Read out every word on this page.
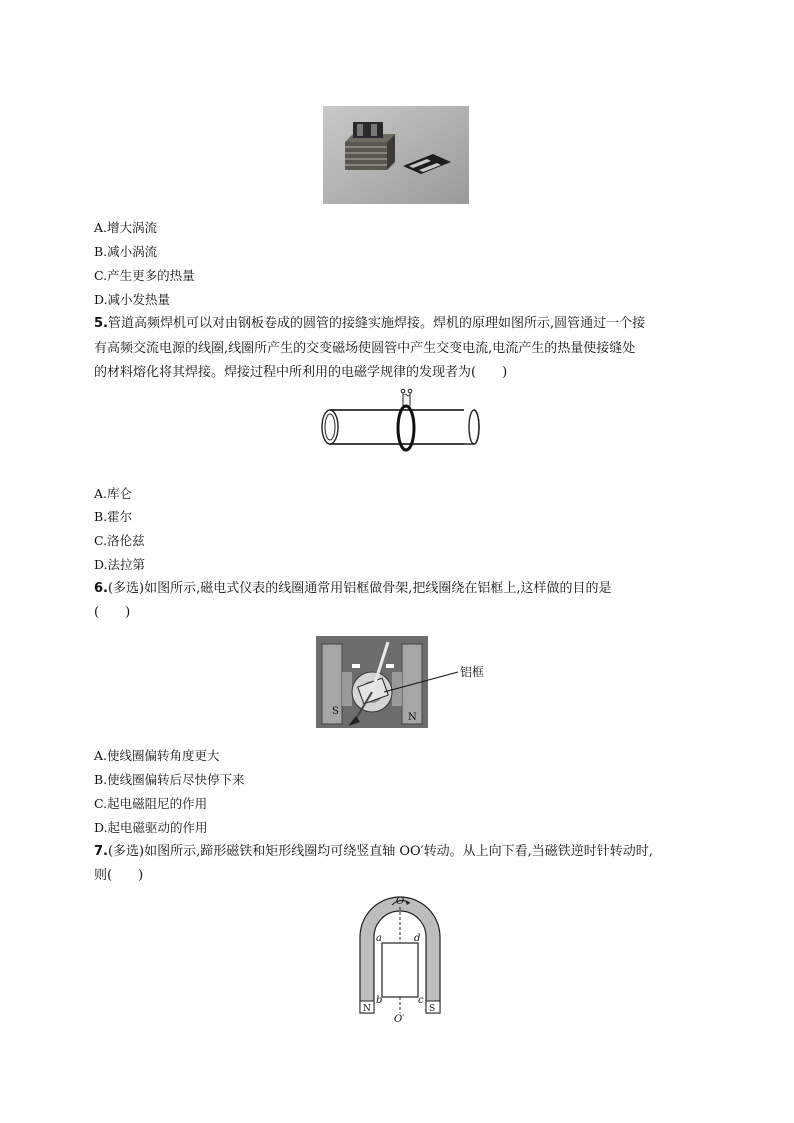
A.增大涡流
B.减小涡流
C.产生更多的热量
D.减小发热量
5.管道高频焊机可以对由钢板卷成的圆管的接缝实施焊接。焊机的原理如图所示,圆管通过一个接
有高频交流电源的线圈,线圈所产生的交变磁场使圆管中产生交变电流,电流产生的热量使接缝处
的材料熔化将其焊接。焊接过程中所利用的电磁学规律的发现者为(　　)
A.库仑
B.霍尔
C.洛伦兹
D.法拉第
6.(多选)如图所示,磁电式仪表的线圈通常用铝框做骨架,把线圈绕在铝框上,这样做的目的是
(　　)
S
N
铝框
A.使线圈偏转角度更大
B.使线圈偏转后尽快停下来
C.起电磁阻尼的作用
D.起电磁驱动的作用
7.(多选)如图所示,蹄形磁铁和矩形线圈均可绕竖直轴 OO′转动。从上向下看,当磁铁逆时针转动时,
则(　　)
O
O′
a	d
b	c
N	S
